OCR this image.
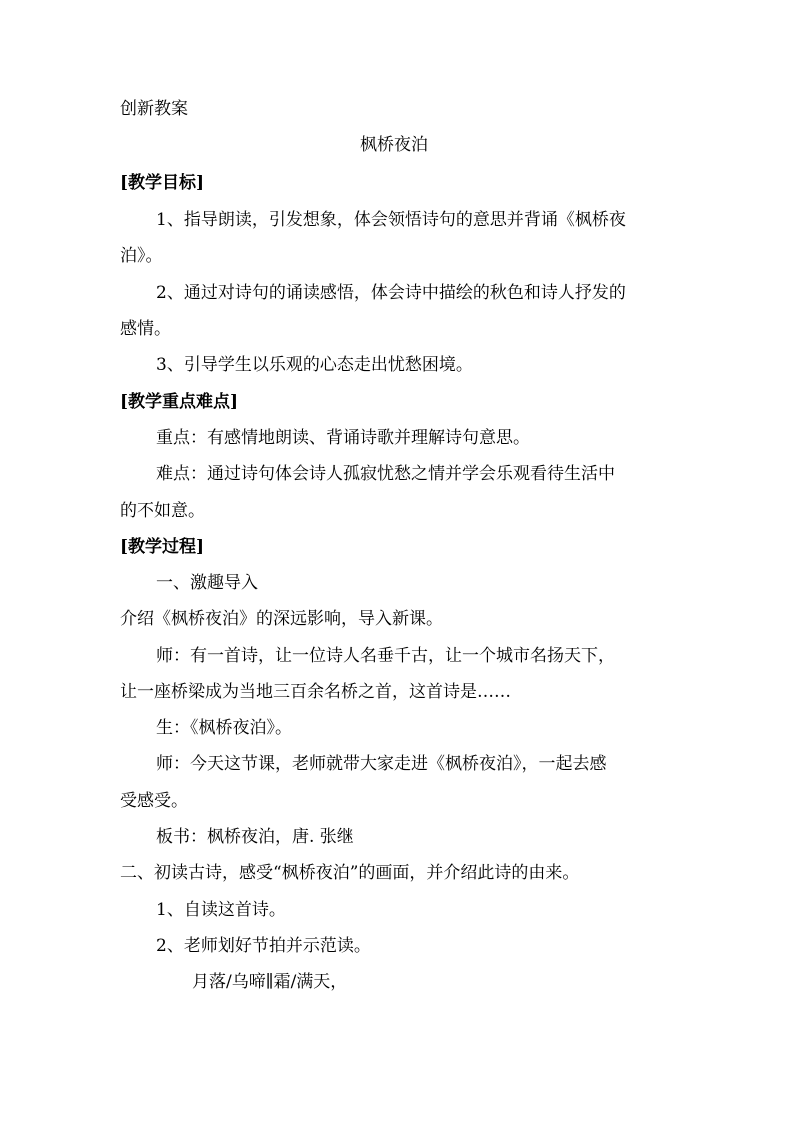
创新教案
枫桥夜泊
[教学目标]
1、指导朗读，引发想象，体会领悟诗句的意思并背诵《枫桥夜
泊》。
2、通过对诗句的诵读感悟，体会诗中描绘的秋色和诗人抒发的
感情。
3、引导学生以乐观的心态走出忧愁困境。
[教学重点难点]
重点：有感情地朗读、背诵诗歌并理解诗句意思。
难点：通过诗句体会诗人孤寂忧愁之情并学会乐观看待生活中
的不如意。
[教学过程]
一、激趣导入
介绍《枫桥夜泊》的深远影响，导入新课。
师：有一首诗，让一位诗人名垂千古，让一个城市名扬天下，
让一座桥梁成为当地三百余名桥之首，这首诗是……
生：《枫桥夜泊》。
师：今天这节课，老师就带大家走进《枫桥夜泊》，一起去感
受感受。
板书：枫桥夜泊，唐. 张继
二、初读古诗，感受“枫桥夜泊”的画面，并介绍此诗的由来。
1、自读这首诗。
2、老师划好节拍并示范读。
月落/乌啼∥霜/满天，
